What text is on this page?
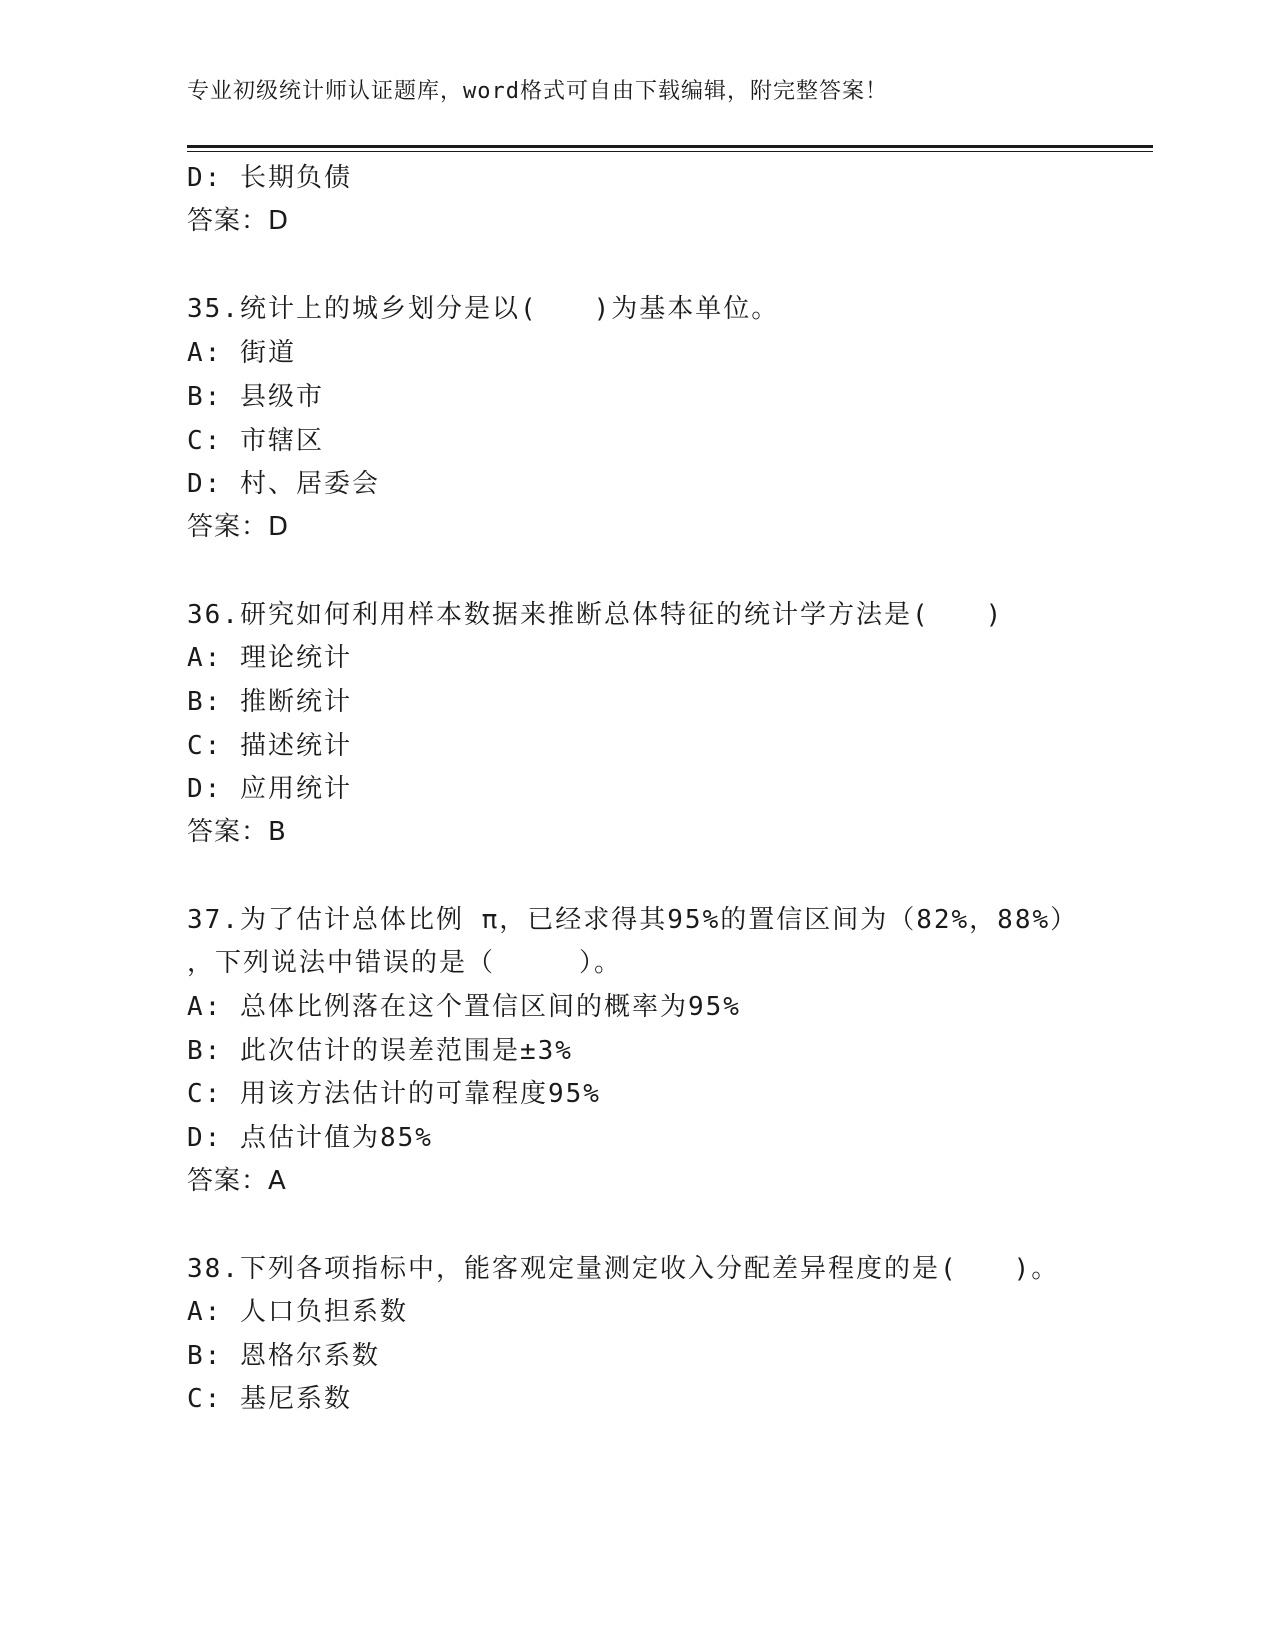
专业初级统计师认证题库，word格式可自由下载编辑，附完整答案！
D: 长期负债
答案：D
35.统计上的城乡划分是以(　　)为基本单位。
A: 街道
B: 县级市
C: 市辖区
D: 村、居委会
答案：D
36.研究如何利用样本数据来推断总体特征的统计学方法是(　　)
A: 理论统计
B: 推断统计
C: 描述统计
D: 应用统计
答案：B
37.为了估计总体比例 π，已经求得其95%的置信区间为（82%，88%）
，下列说法中错误的是（　　　）。
A: 总体比例落在这个置信区间的概率为95%
B: 此次估计的误差范围是±3%
C: 用该方法估计的可靠程度95%
D: 点估计值为85%
答案：A
38.下列各项指标中，能客观定量测定收入分配差异程度的是(　　)。
A: 人口负担系数
B: 恩格尔系数
C: 基尼系数
